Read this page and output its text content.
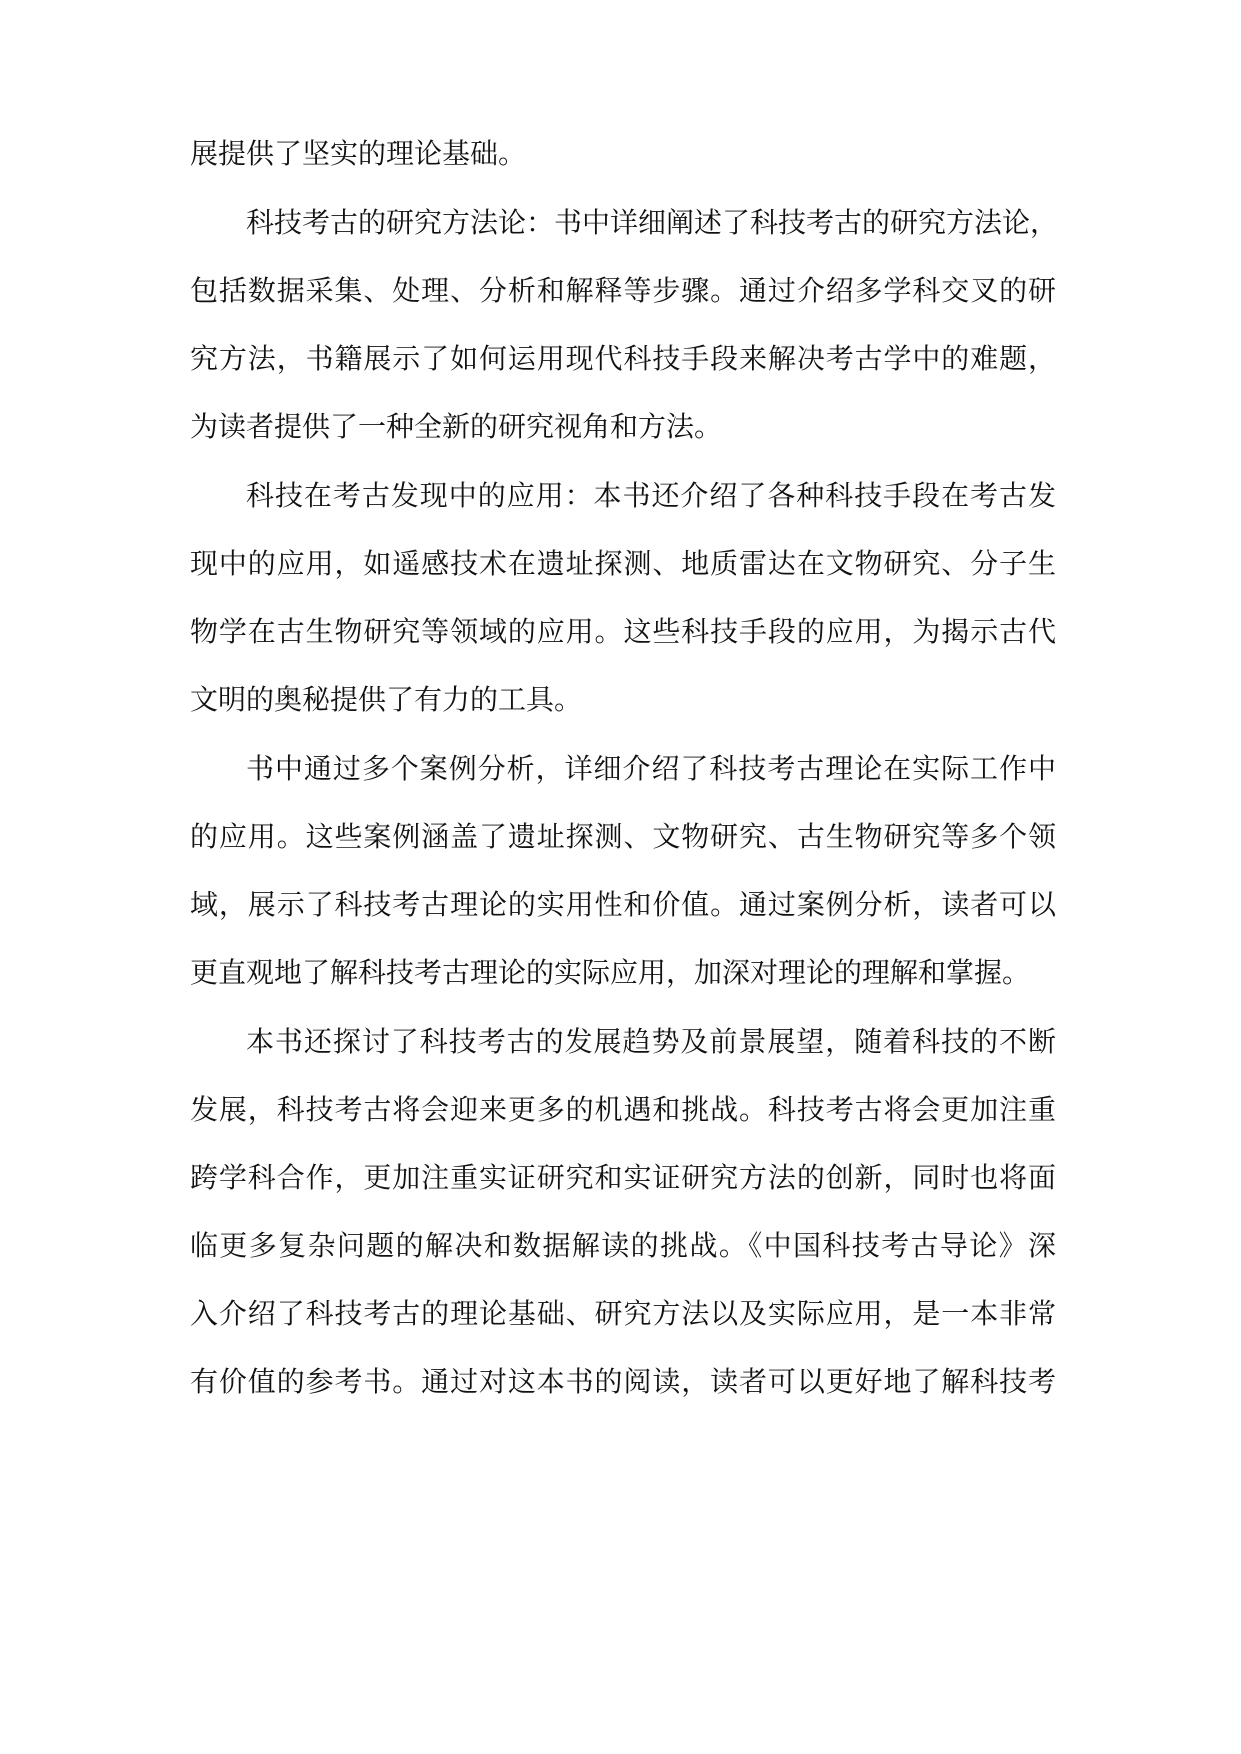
展提供了坚实的理论基础。
科技考古的研究方法论：书中详细阐述了科技考古的研究方法论，
包括数据采集、处理、分析和解释等步骤。通过介绍多学科交叉的研
究方法，书籍展示了如何运用现代科技手段来解决考古学中的难题，
为读者提供了一种全新的研究视角和方法。
科技在考古发现中的应用：本书还介绍了各种科技手段在考古发
现中的应用，如遥感技术在遗址探测、地质雷达在文物研究、分子生
物学在古生物研究等领域的应用。这些科技手段的应用，为揭示古代
文明的奥秘提供了有力的工具。
书中通过多个案例分析，详细介绍了科技考古理论在实际工作中
的应用。这些案例涵盖了遗址探测、文物研究、古生物研究等多个领
域，展示了科技考古理论的实用性和价值。通过案例分析，读者可以
更直观地了解科技考古理论的实际应用，加深对理论的理解和掌握。
本书还探讨了科技考古的发展趋势及前景展望，随着科技的不断
发展，科技考古将会迎来更多的机遇和挑战。科技考古将会更加注重
跨学科合作，更加注重实证研究和实证研究方法的创新，同时也将面
临更多复杂问题的解决和数据解读的挑战。《中国科技考古导论》深
入介绍了科技考古的理论基础、研究方法以及实际应用，是一本非常
有价值的参考书。通过对这本书的阅读，读者可以更好地了解科技考
